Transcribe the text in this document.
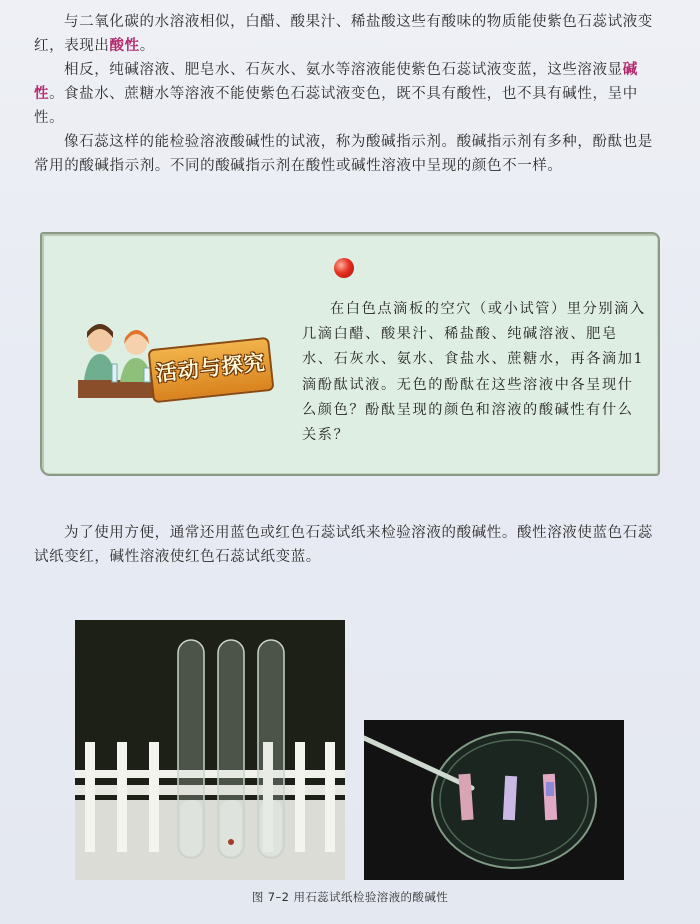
与二氧化碳的水溶液相似，白醋、酸果汁、稀盐酸这些有酸味的物质能使紫色石蕊试液变红，表现出酸性。

相反，纯碱溶液、肥皂水、石灰水、氨水等溶液能使紫色石蕊试液变蓝，这些溶液显碱性。 食盐水、蔗糖水等溶液不能使紫色石蕊试液变色，既不具有酸性，也不具有碱性，呈中性。

像石蕊这样的能检验溶液酸碱性的试液，称为酸碱指示剂。酸碱指示剂有多种，酚酞也是常用的酸碱指示剂。不同的酸碱指示剂在酸性或碱性溶液中呈现的颜色不一样。

活动与探究

在白色点滴板的空穴（或小试管）里分别滴入几滴白醋、酸果汁、稀盐酸、纯碱溶液、肥皂水、石灰水、氨水、食盐水、蔗糖水，再各滴加1滴酚酞试液。无色的酚酞在这些溶液中各呈现什么颜色？酚酞呈现的颜色和溶液的酸碱性有什么关系？

为了使用方便，通常还用蓝色或红色石蕊试纸来检验溶液的酸碱性。酸性溶液使蓝色石蕊试纸变红，碱性溶液使红色石蕊试纸变蓝。

图 7–2 用石蕊试纸检验溶液的酸碱性
